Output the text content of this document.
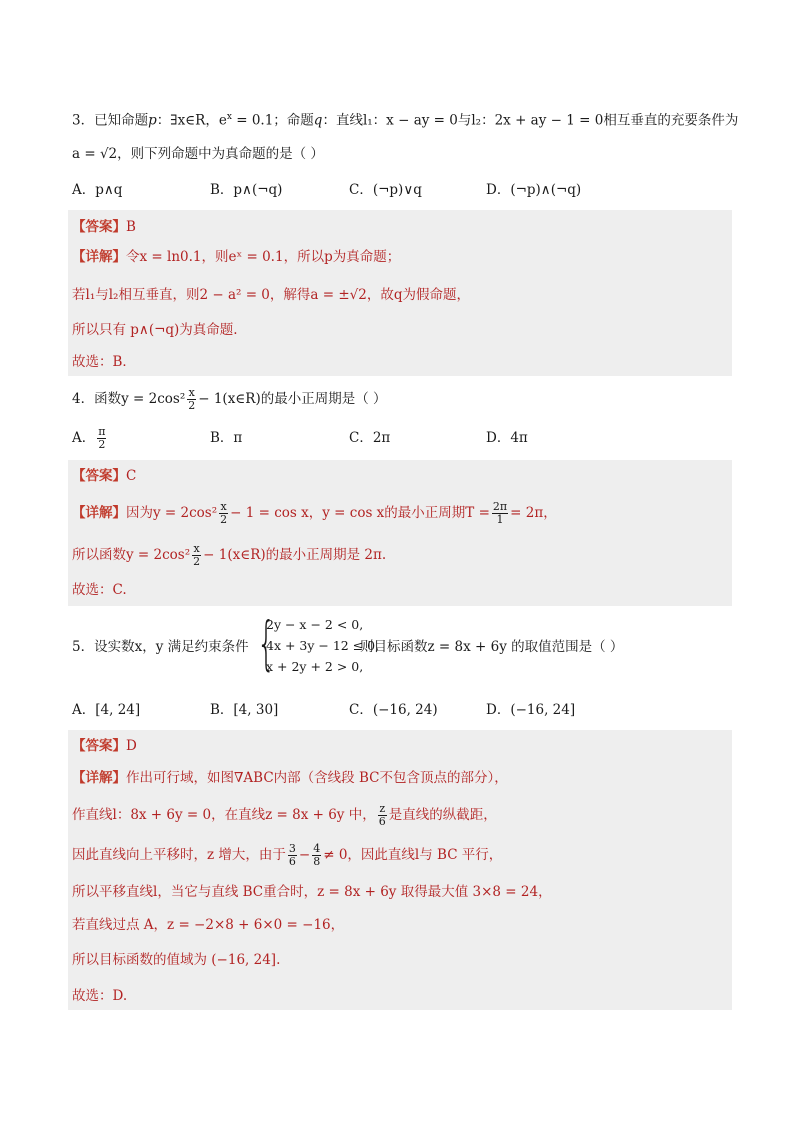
3．已知命题p：∃x∈R，$e^x = 0.1$；命题q：直线l₁：x − ay = 0与l₂：2x + ay − 1 = 0相互垂直的充要条件为
a = √2，则下列命题中为真命题的是（ ）
A．p∧q	B．p∧(¬q)	C．(¬p)∨q	D．(¬p)∧(¬q)
【答案】B
【详解】令x = ln0.1，则eˣ = 0.1，所以p为真命题；
若l₁与l₂相互垂直，则2 − a² = 0，解得a = ±√2，故q为假命题，
所以只有 p∧(¬q)为真命题.
故选：B．
4．函数$y = 2\cos^2 \frac{x}{2}$ − 1(x∈R)的最小正周期是（ ）
A． $\frac{\pi}{2}$	B．π	C．2π	D．4π
【答案】C
【详解】因为$y = 2\cos^2 \frac{x}{2} - 1 = \cos x$，y = cos x的最小正周期$T = \frac{2\pi}{1} = 2\pi$，
所以函数$y = 2\cos^2 \frac{x}{2}$ − 1(x∈R)的最小正周期是 2π.
故选：C.
5．设实数x，y 满足约束条件 {
2y − x − 2 < 0,
4x + 3y − 12 ≤ 0,
x + 2y + 2 > 0,
则目标函数z = 8x + 6y 的取值范围是（ ）
A．[4, 24]	B．[4, 30]	C．(−16, 24)	D．(−16, 24]
【答案】D
【详解】作出可行域，如图∇ABC内部（含线段 BC不包含顶点的部分），
作直线l：8x + 6y = 0，在直线z = 8x + 6y 中， $\frac{z}{6}$ 是直线的纵截距，
因此直线向上平移时，z 增大，由于 $\frac{3}{6} - \frac{4}{8} \ne 0$，因此直线l与 BC 平行，
所以平移直线l，当它与直线 BC重合时，z = 8x + 6y 取得最大值 3×8 = 24，
若直线过点 A，z = −2×8 + 6×0 = −16，
所以目标函数的值域为 (−16, 24].
故选：D.
